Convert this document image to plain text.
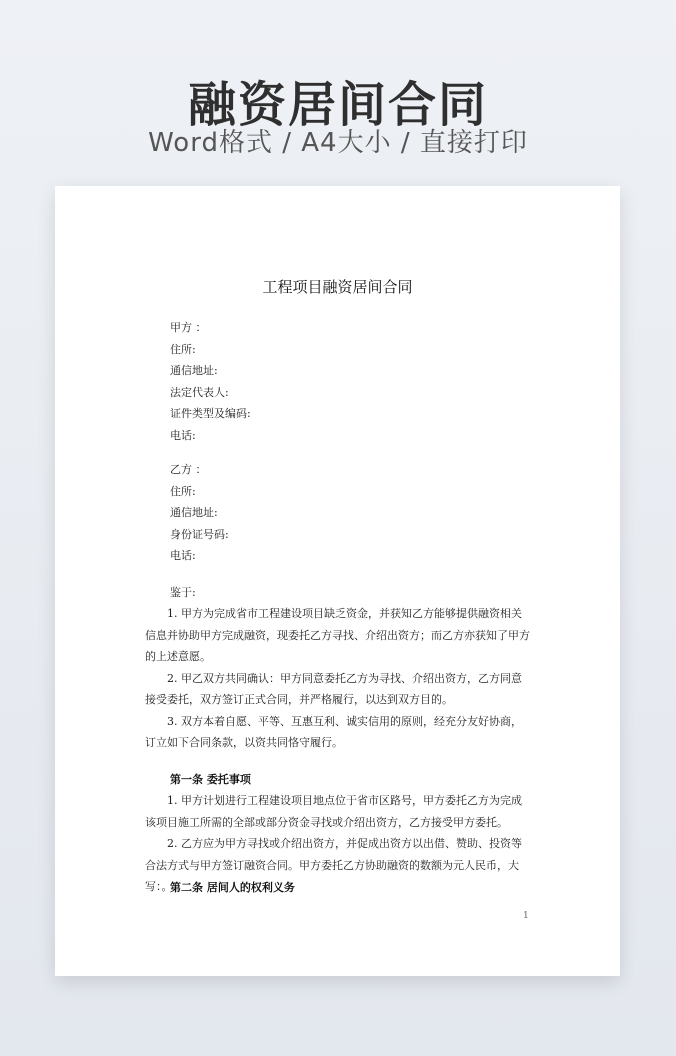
融资居间合同
Word格式 / A4大小 / 直接打印
工程项目融资居间合同
甲方 ：
住所:
通信地址:
法定代表人:
证件类型及编码:
电话:
乙方 ：
住所:
通信地址:
身份证号码:
电话:
鉴于:

1. 甲方为完成省市工程建设项目缺乏资金，并获知乙方能够提供融资相关信息并协助甲方完成融资，现委托乙方寻找、介绍出资方；而乙方亦获知了甲方的上述意愿。

2. 甲乙双方共同确认：甲方同意委托乙方为寻找、介绍出资方，乙方同意接受委托，双方签订正式合同，并严格履行，以达到双方目的。

3. 双方本着自愿、平等、互惠互利、诚实信用的原则，经充分友好协商，订立如下合同条款，以资共同恪守履行。

第一条 委托事项

1. 甲方计划进行工程建设项目地点位于省市区路号，甲方委托乙方为完成该项目施工所需的全部或部分资金寻找或介绍出资方，乙方接受甲方委托。

2. 乙方应为甲方寻找或介绍出资方，并促成出资方以出借、赞助、投资等合法方式与甲方签订融资合同。甲方委托乙方协助融资的数额为元人民币，大写：。

第二条 居间人的权利义务
1
